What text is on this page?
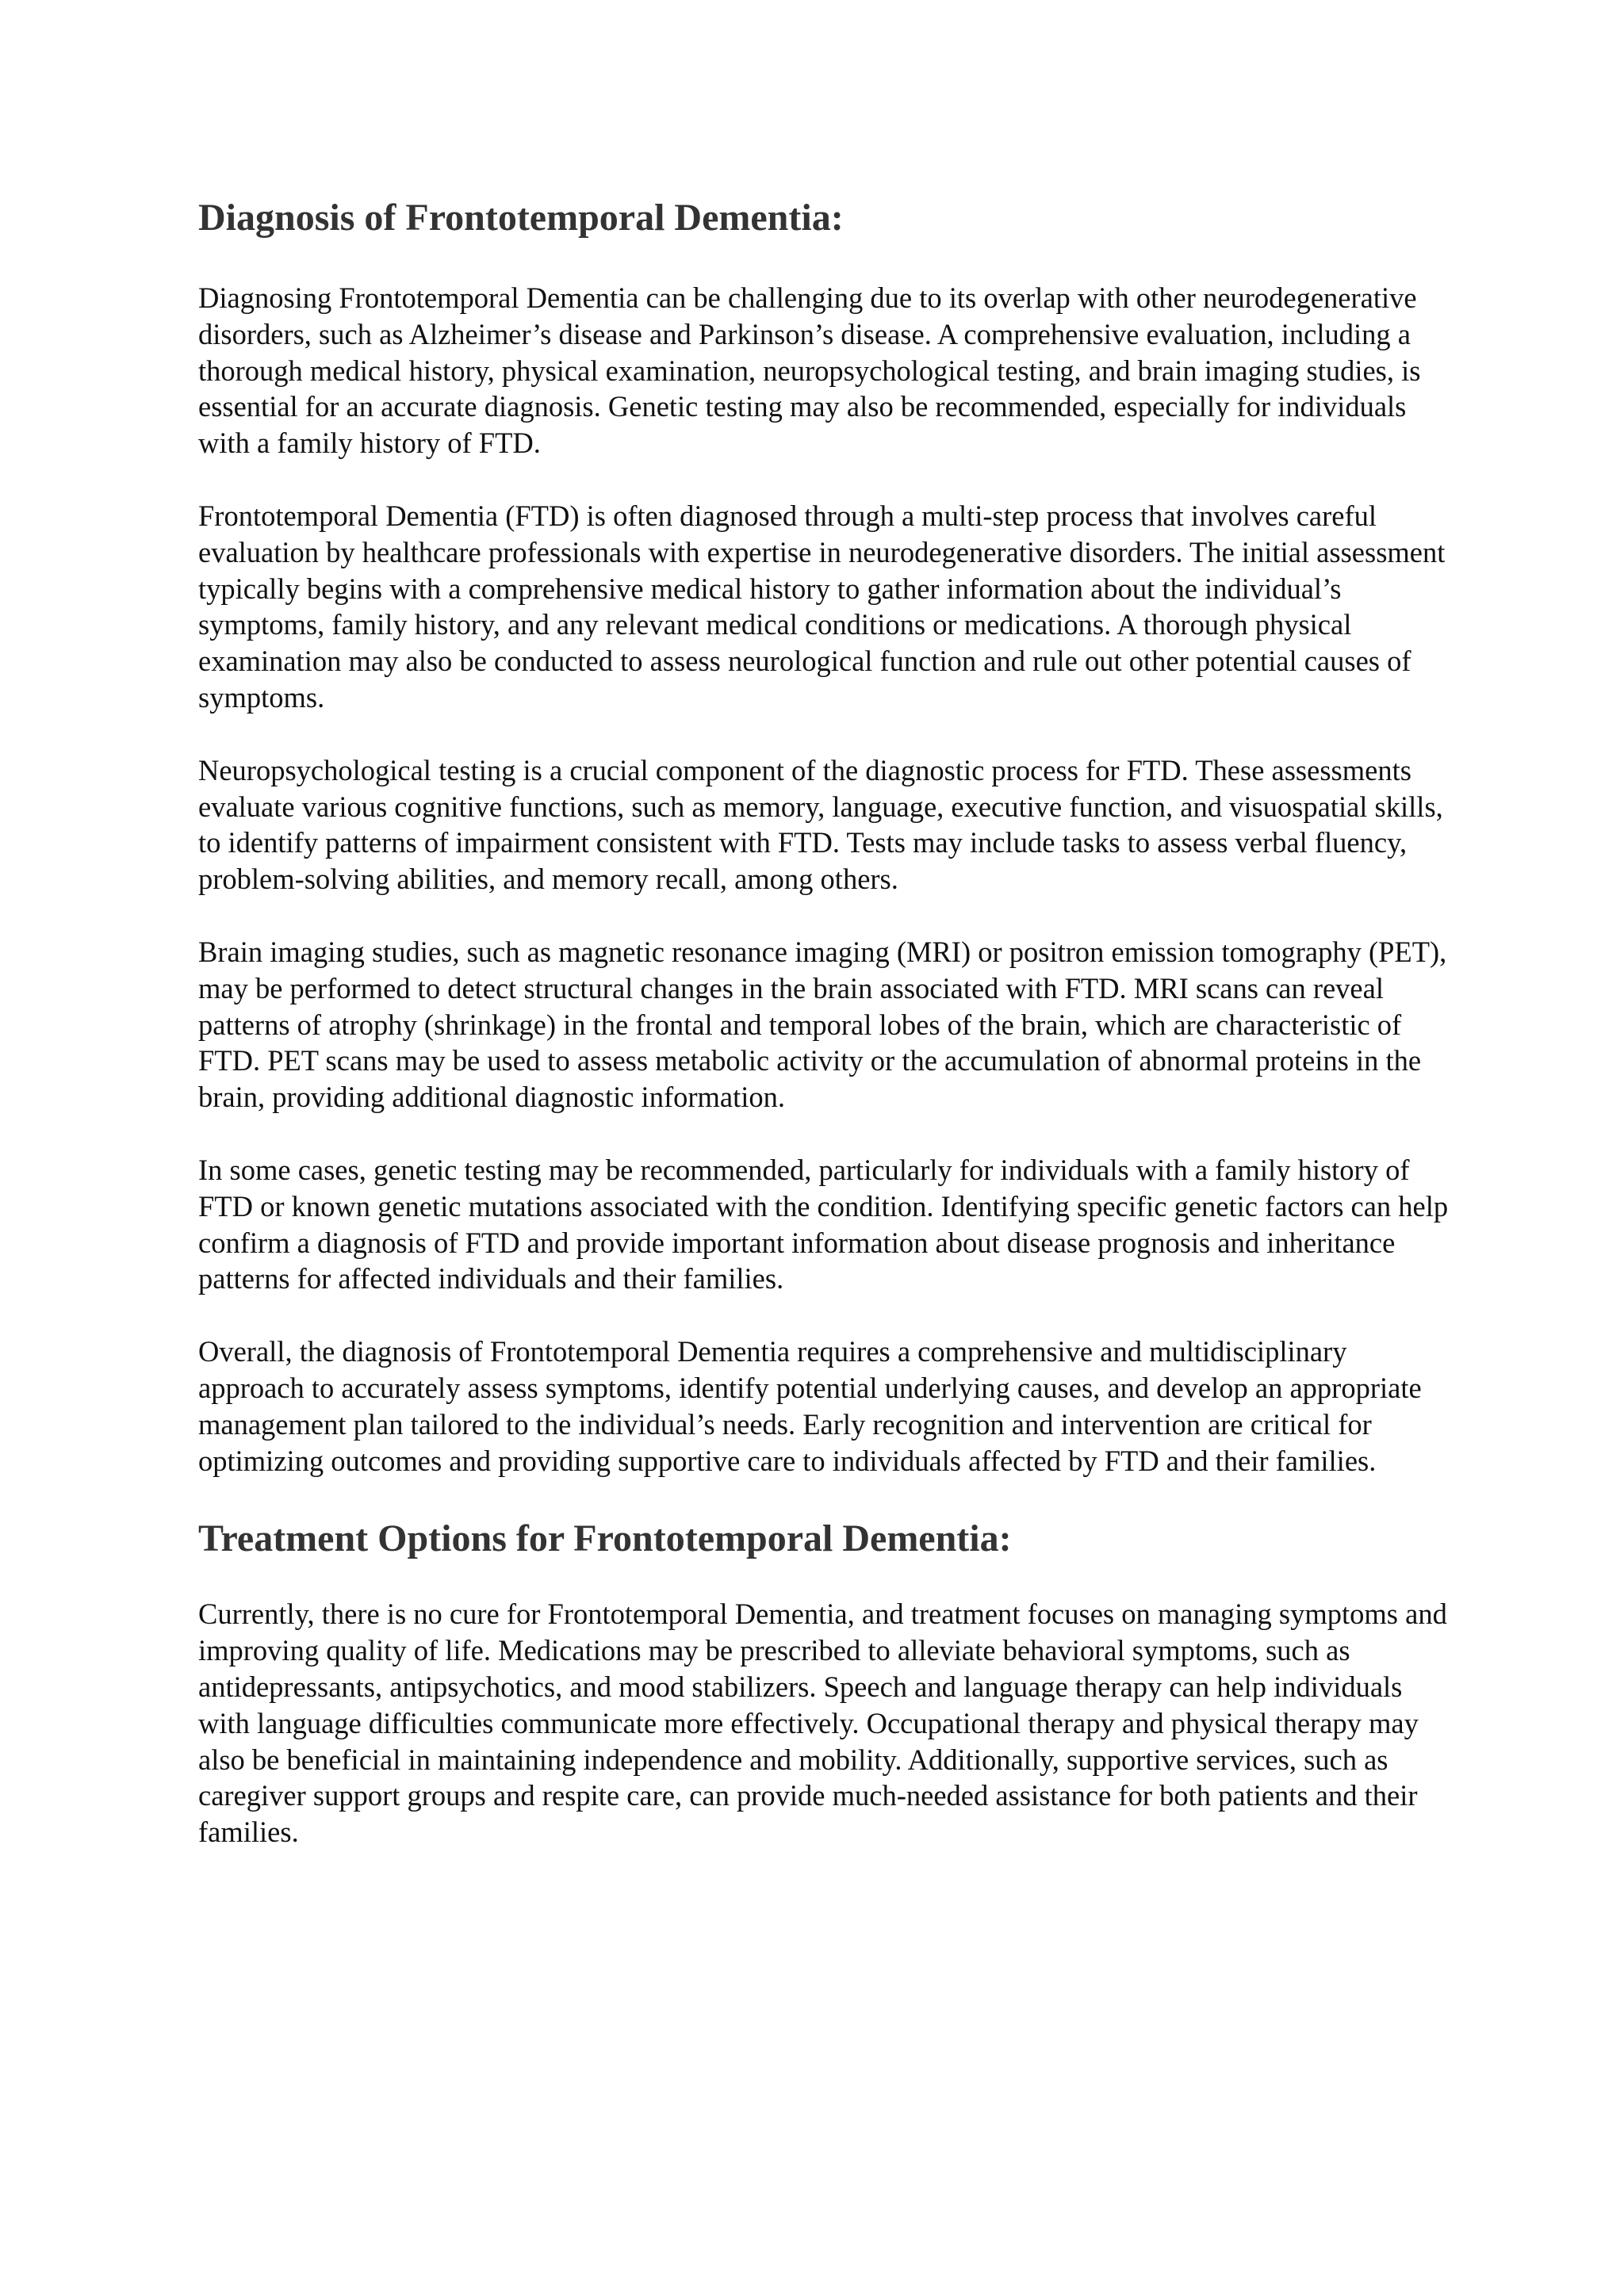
Diagnosis of Frontotemporal Dementia:

Diagnosing Frontotemporal Dementia can be challenging due to its overlap with other neurodegenerative disorders, such as Alzheimer’s disease and Parkinson’s disease. A comprehensive evaluation, including a thorough medical history, physical examination, neuropsychological testing, and brain imaging studies, is essential for an accurate diagnosis. Genetic testing may also be recommended, especially for individuals with a family history of FTD.

Frontotemporal Dementia (FTD) is often diagnosed through a multi-step process that involves careful evaluation by healthcare professionals with expertise in neurodegenerative disorders. The initial assessment typically begins with a comprehensive medical history to gather information about the individual’s symptoms, family history, and any relevant medical conditions or medications. A thorough physical examination may also be conducted to assess neurological function and rule out other potential causes of symptoms.

Neuropsychological testing is a crucial component of the diagnostic process for FTD. These assessments evaluate various cognitive functions, such as memory, language, executive function, and visuospatial skills, to identify patterns of impairment consistent with FTD. Tests may include tasks to assess verbal fluency, problem-solving abilities, and memory recall, among others.

Brain imaging studies, such as magnetic resonance imaging (MRI) or positron emission tomography (PET), may be performed to detect structural changes in the brain associated with FTD. MRI scans can reveal patterns of atrophy (shrinkage) in the frontal and temporal lobes of the brain, which are characteristic of FTD. PET scans may be used to assess metabolic activity or the accumulation of abnormal proteins in the brain, providing additional diagnostic information.

In some cases, genetic testing may be recommended, particularly for individuals with a family history of FTD or known genetic mutations associated with the condition. Identifying specific genetic factors can help confirm a diagnosis of FTD and provide important information about disease prognosis and inheritance patterns for affected individuals and their families.

Overall, the diagnosis of Frontotemporal Dementia requires a comprehensive and multidisciplinary approach to accurately assess symptoms, identify potential underlying causes, and develop an appropriate management plan tailored to the individual’s needs. Early recognition and intervention are critical for optimizing outcomes and providing supportive care to individuals affected by FTD and their families.

Treatment Options for Frontotemporal Dementia:

Currently, there is no cure for Frontotemporal Dementia, and treatment focuses on managing symptoms and improving quality of life. Medications may be prescribed to alleviate behavioral symptoms, such as antidepressants, antipsychotics, and mood stabilizers. Speech and language therapy can help individuals with language difficulties communicate more effectively. Occupational therapy and physical therapy may also be beneficial in maintaining independence and mobility. Additionally, supportive services, such as caregiver support groups and respite care, can provide much-needed assistance for both patients and their families.
